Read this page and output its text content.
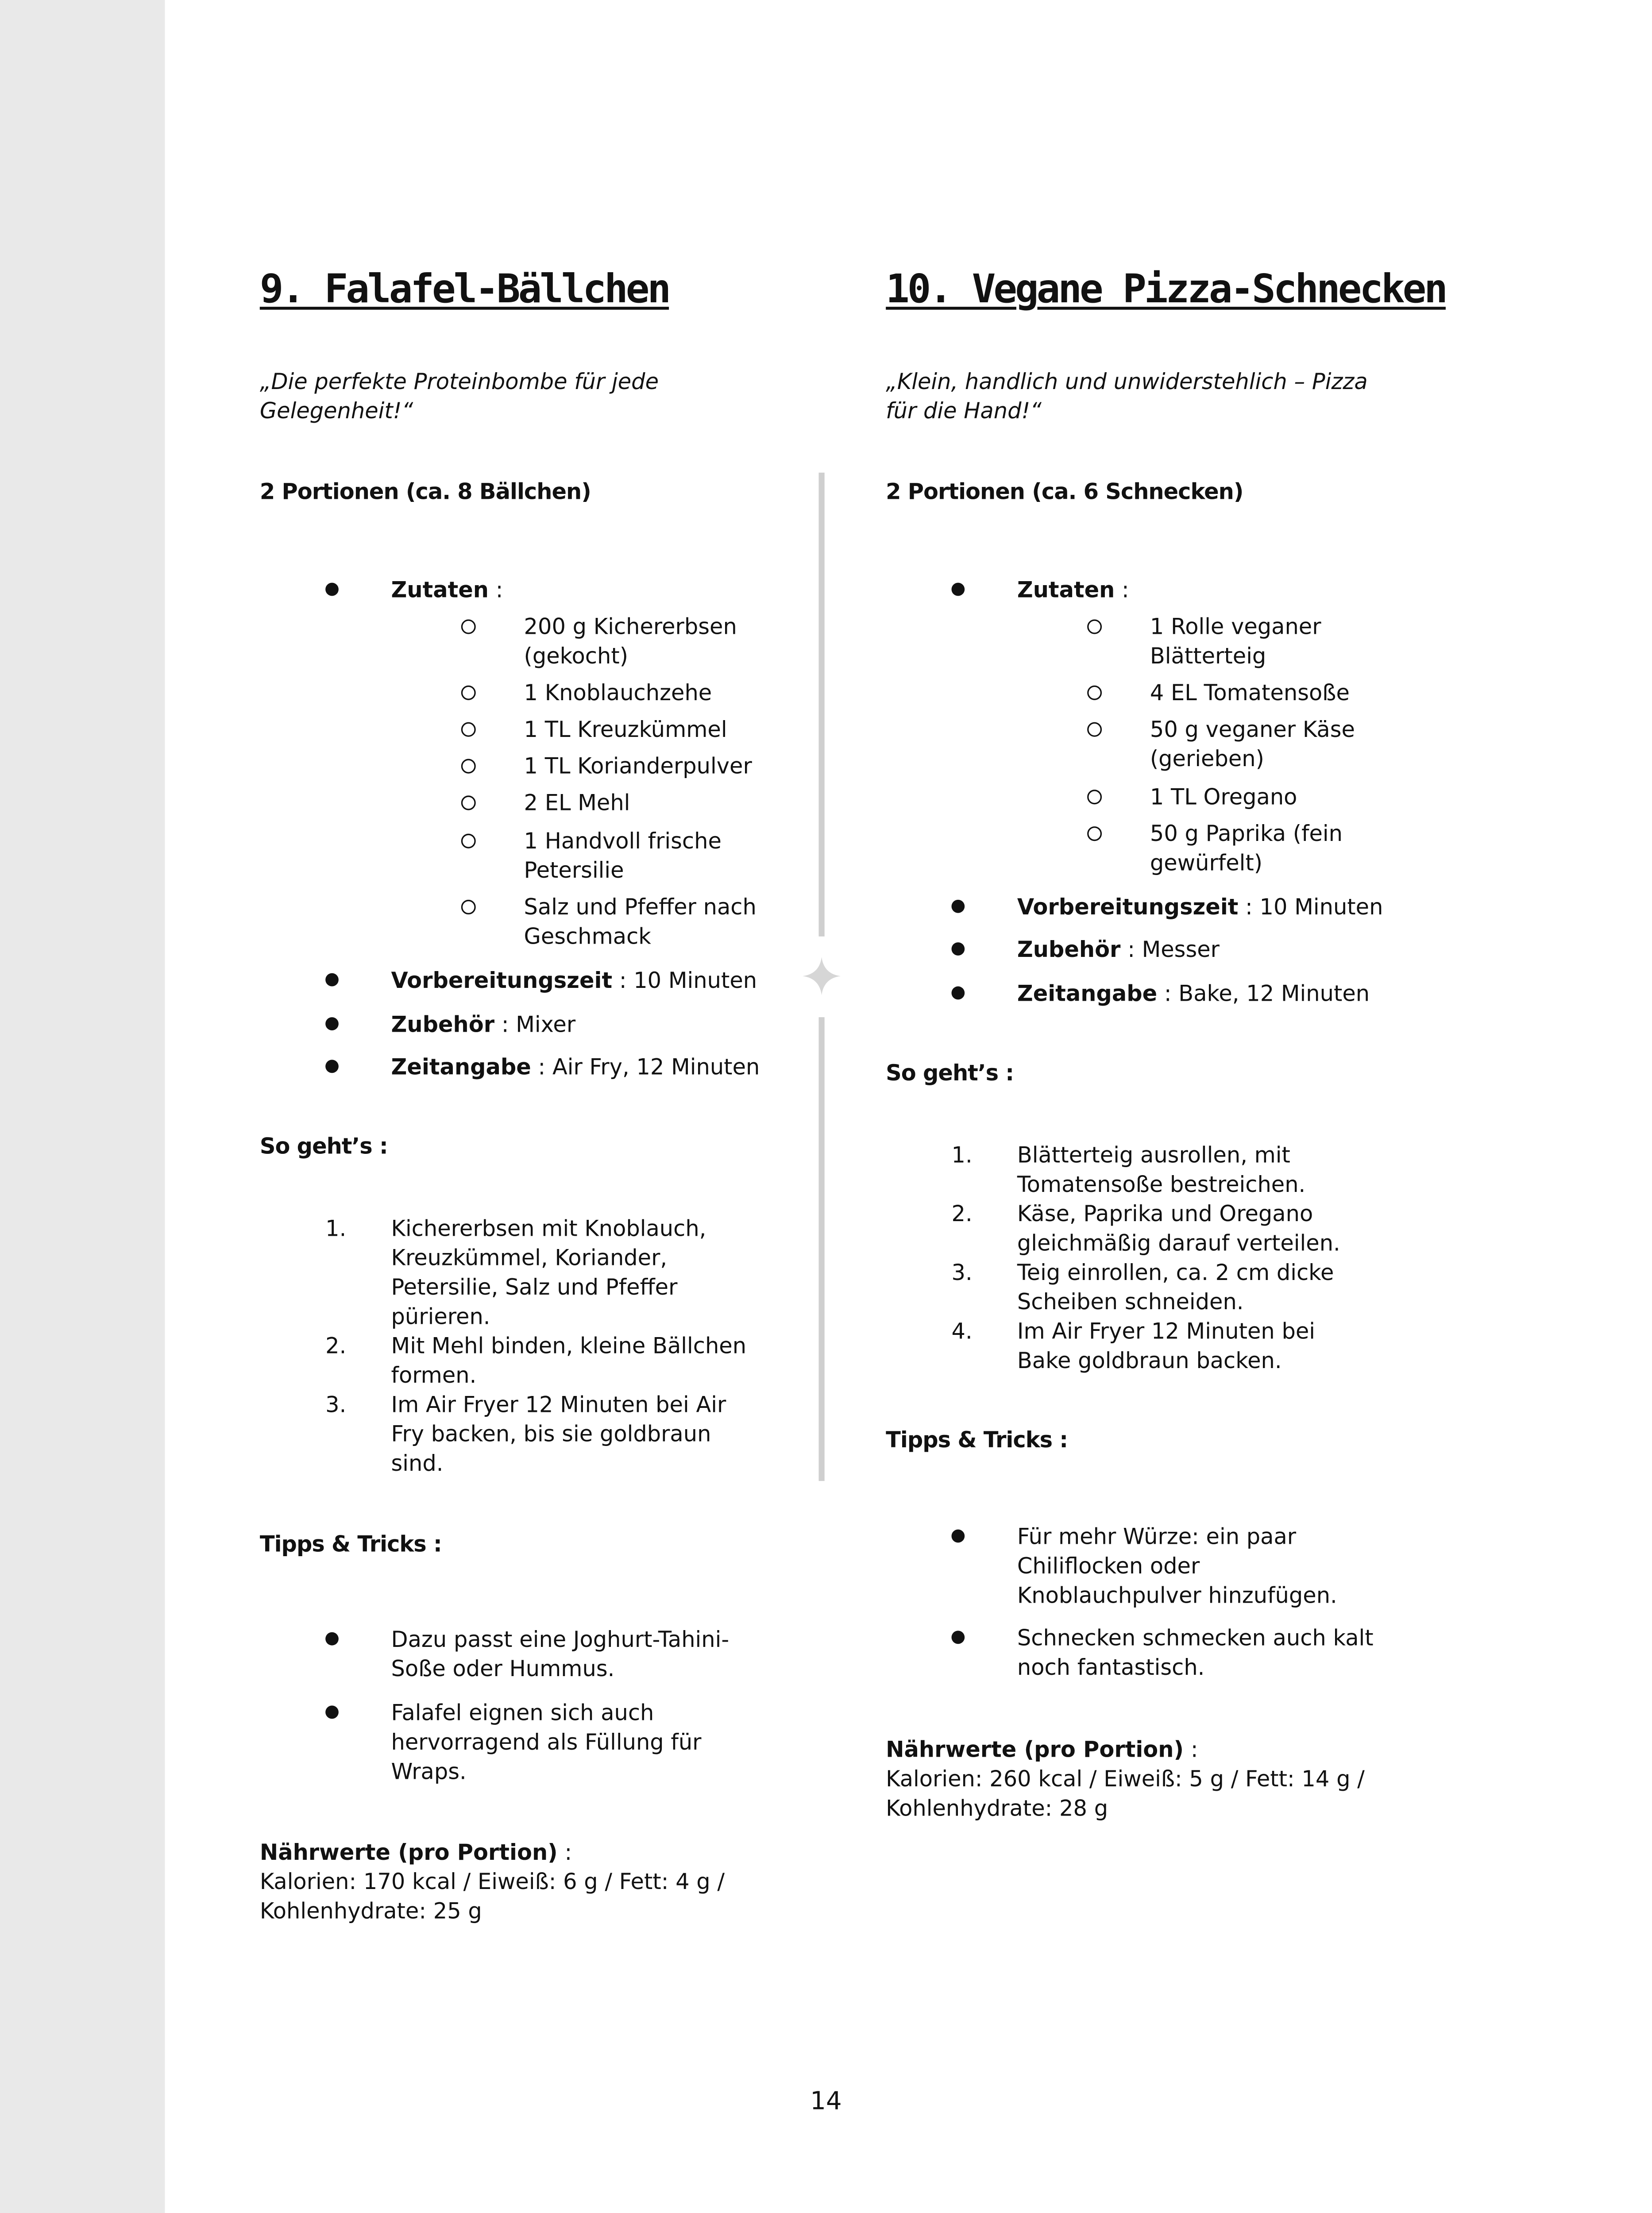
9. Falafel-Bällchen
„Die perfekte Proteinbombe für jede Gelegenheit!“
2 Portionen (ca. 8 Bällchen)
Zutaten :
200 g Kichererbsen (gekocht)
1 Knoblauchzehe
1 TL Kreuzkümmel
1 TL Korianderpulver
2 EL Mehl
1 Handvoll frische Petersilie
Salz und Pfeffer nach Geschmack
Vorbereitungszeit : 10 Minuten
Zubehör : Mixer
Zeitangabe : Air Fry, 12 Minuten
So geht’s :
1.	Kichererbsen mit Knoblauch, Kreuzkümmel, Koriander, Petersilie, Salz und Pfeffer pürieren.
2.	Mit Mehl binden, kleine Bällchen formen.
3.	Im Air Fryer 12 Minuten bei Air Fry backen, bis sie goldbraun sind.
Tipps & Tricks :
Dazu passt eine Joghurt-Tahini-Soße oder Hummus.
Falafel eignen sich auch hervorragend als Füllung für Wraps.
Nährwerte (pro Portion) :
Kalorien: 170 kcal / Eiweiß: 6 g / Fett: 4 g / Kohlenhydrate: 25 g
10. Vegane Pizza-Schnecken
„Klein, handlich und unwiderstehlich – Pizza für die Hand!“
2 Portionen (ca. 6 Schnecken)
Zutaten :
1 Rolle veganer Blätterteig
4 EL Tomatensoße
50 g veganer Käse (gerieben)
1 TL Oregano
50 g Paprika (fein gewürfelt)
Vorbereitungszeit : 10 Minuten
Zubehör : Messer
Zeitangabe : Bake, 12 Minuten
So geht’s :
1.	Blätterteig ausrollen, mit Tomatensoße bestreichen.
2.	Käse, Paprika und Oregano gleichmäßig darauf verteilen.
3.	Teig einrollen, ca. 2 cm dicke Scheiben schneiden.
4.	Im Air Fryer 12 Minuten bei Bake goldbraun backen.
Tipps & Tricks :
Für mehr Würze: ein paar Chiliflocken oder Knoblauchpulver hinzufügen.
Schnecken schmecken auch kalt noch fantastisch.
Nährwerte (pro Portion) :
Kalorien: 260 kcal / Eiweiß: 5 g / Fett: 14 g / Kohlenhydrate: 28 g
14
